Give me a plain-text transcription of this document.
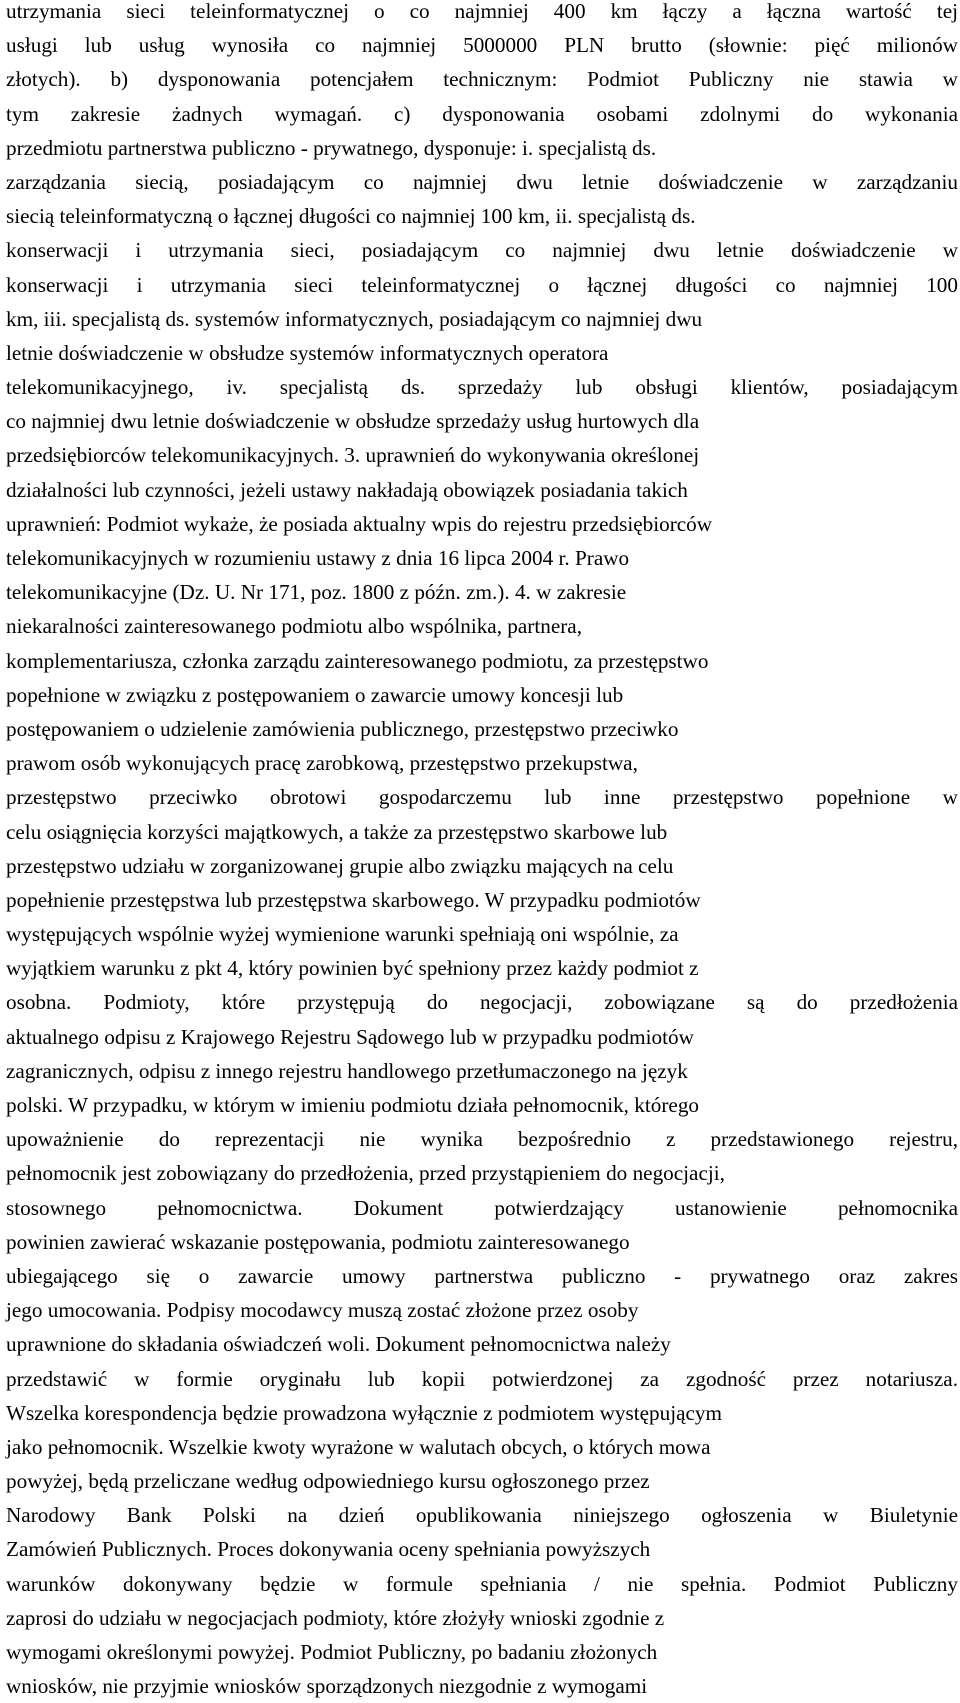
utrzymania sieci teleinformatycznej o co najmniej 400 km łączy a łączna wartość tej
usługi lub usług wynosiła co najmniej 5000000 PLN brutto (słownie: pięć milionów
złotych). b) dysponowania potencjałem technicznym: Podmiot Publiczny nie stawia w
tym zakresie żadnych wymagań. c) dysponowania osobami zdolnymi do wykonania
przedmiotu partnerstwa publiczno - prywatnego, dysponuje: i. specjalistą ds.
zarządzania siecią, posiadającym co najmniej dwu letnie doświadczenie w zarządzaniu
siecią teleinformatyczną o łącznej długości co najmniej 100 km, ii. specjalistą ds.
konserwacji i utrzymania sieci, posiadającym co najmniej dwu letnie doświadczenie w
konserwacji i utrzymania sieci teleinformatycznej o łącznej długości co najmniej 100
km, iii. specjalistą ds. systemów informatycznych, posiadającym co najmniej dwu
letnie doświadczenie w obsłudze systemów informatycznych operatora
telekomunikacyjnego, iv. specjalistą ds. sprzedaży lub obsługi klientów, posiadającym
co najmniej dwu letnie doświadczenie w obsłudze sprzedaży usług hurtowych dla
przedsiębiorców telekomunikacyjnych. 3. uprawnień do wykonywania określonej
działalności lub czynności, jeżeli ustawy nakładają obowiązek posiadania takich
uprawnień: Podmiot wykaże, że posiada aktualny wpis do rejestru przedsiębiorców
telekomunikacyjnych w rozumieniu ustawy z dnia 16 lipca 2004 r. Prawo
telekomunikacyjne (Dz. U. Nr 171, poz. 1800 z późn. zm.). 4. w zakresie
niekaralności zainteresowanego podmiotu albo wspólnika, partnera,
komplementariusza, członka zarządu zainteresowanego podmiotu, za przestępstwo
popełnione w związku z postępowaniem o zawarcie umowy koncesji lub
postępowaniem o udzielenie zamówienia publicznego, przestępstwo przeciwko
prawom osób wykonujących pracę zarobkową, przestępstwo przekupstwa,
przestępstwo przeciwko obrotowi gospodarczemu lub inne przestępstwo popełnione w
celu osiągnięcia korzyści majątkowych, a także za przestępstwo skarbowe lub
przestępstwo udziału w zorganizowanej grupie albo związku mających na celu
popełnienie przestępstwa lub przestępstwa skarbowego. W przypadku podmiotów
występujących wspólnie wyżej wymienione warunki spełniają oni wspólnie, za
wyjątkiem warunku z pkt 4, który powinien być spełniony przez każdy podmiot z
osobna. Podmioty, które przystępują do negocjacji, zobowiązane są do przedłożenia
aktualnego odpisu z Krajowego Rejestru Sądowego lub w przypadku podmiotów
zagranicznych, odpisu z innego rejestru handlowego przetłumaczonego na język
polski. W przypadku, w którym w imieniu podmiotu działa pełnomocnik, którego
upoważnienie do reprezentacji nie wynika bezpośrednio z przedstawionego rejestru,
pełnomocnik jest zobowiązany do przedłożenia, przed przystąpieniem do negocjacji,
stosownego pełnomocnictwa. Dokument potwierdzający ustanowienie pełnomocnika
powinien zawierać wskazanie postępowania, podmiotu zainteresowanego
ubiegającego się o zawarcie umowy partnerstwa publiczno - prywatnego oraz zakres
jego umocowania. Podpisy mocodawcy muszą zostać złożone przez osoby
uprawnione do składania oświadczeń woli. Dokument pełnomocnictwa należy
przedstawić w formie oryginału lub kopii potwierdzonej za zgodność przez notariusza.
Wszelka korespondencja będzie prowadzona wyłącznie z podmiotem występującym
jako pełnomocnik. Wszelkie kwoty wyrażone w walutach obcych, o których mowa
powyżej, będą przeliczane według odpowiedniego kursu ogłoszonego przez
Narodowy Bank Polski na dzień opublikowania niniejszego ogłoszenia w Biuletynie
Zamówień Publicznych. Proces dokonywania oceny spełniania powyższych
warunków dokonywany będzie w formule spełniania / nie spełnia. Podmiot Publiczny
zaprosi do udziału w negocjacjach podmioty, które złożyły wnioski zgodnie z
wymogami określonymi powyżej. Podmiot Publiczny, po badaniu złożonych
wniosków, nie przyjmie wniosków sporządzonych niezgodnie z wymogami
